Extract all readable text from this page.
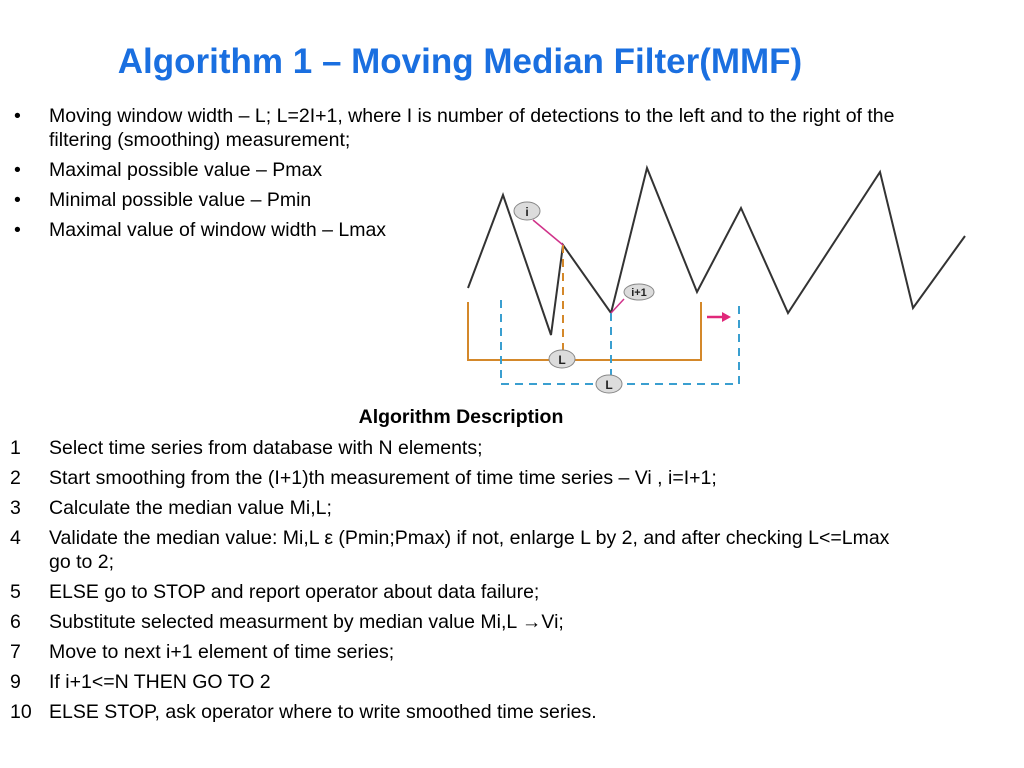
Algorithm 1 – Moving Median Filter(MMF)
• Moving window width – L; L=2I+1, where I is number of detections to the left and to the right of the filtering (smoothing) measurement;
• Maximal possible value – Pmax
• Minimal possible value – Pmin
• Maximal value of window width – Lmax
i
i+1
L
L
Algorithm Description
1 Select time series from database with N elements;
2 Start smoothing from the (I+1)th measurement of time time series – Vi , i=I+1;
3 Calculate the median value Mi,L;
4 Validate the median value: Mi,L ε (Pmin;Pmax) if not, enlarge L by 2, and after checking L<=Lmax go to 2;
5 ELSE go to STOP and report operator about data failure;
6 Substitute selected measurment by median value Mi,L →Vi;
7 Move to next i+1 element of time series;
9 If i+1<=N THEN GO TO 2
10 ELSE STOP, ask operator where to write smoothed time series.
